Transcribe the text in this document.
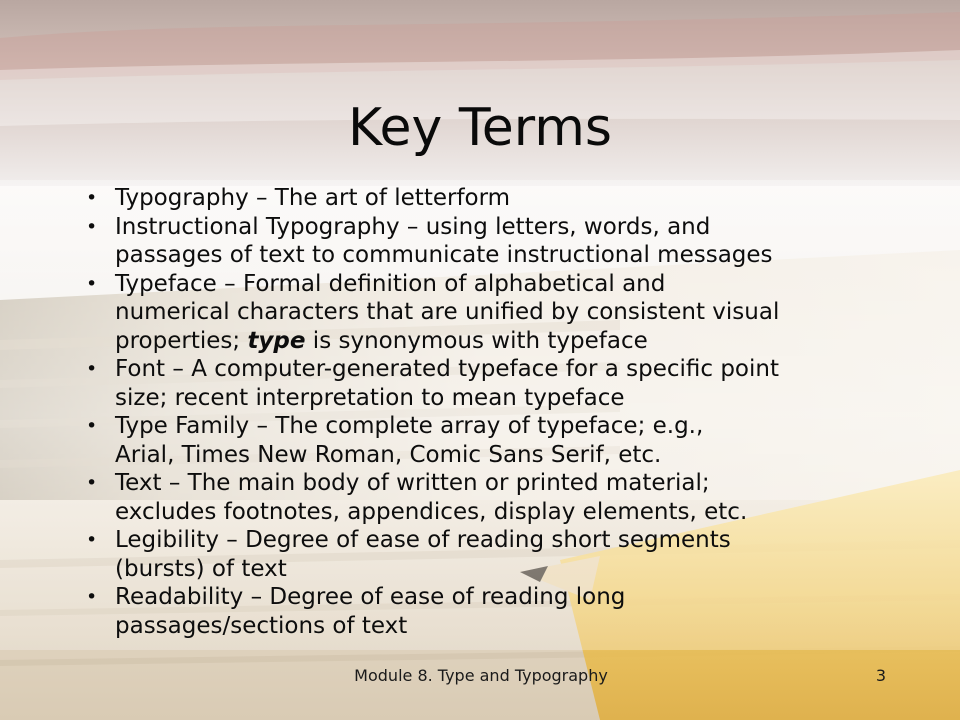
Key Terms
• Typography – The art of letterform
• Instructional Typography – using letters, words, and
passages of text to communicate instructional messages
• Typeface – Formal definition of alphabetical and
numerical characters that are unified by consistent visual
properties; type is synonymous with typeface
• Font – A computer-generated typeface for a specific point
size; recent interpretation to mean typeface
• Type Family – The complete array of typeface; e.g.,
Arial, Times New Roman, Comic Sans Serif, etc.
• Text – The main body of written or printed material;
excludes footnotes, appendices, display elements, etc.
• Legibility – Degree of ease of reading short segments
(bursts) of text
• Readability – Degree of ease of reading long
passages/sections of text
Module 8. Type and Typography	3
